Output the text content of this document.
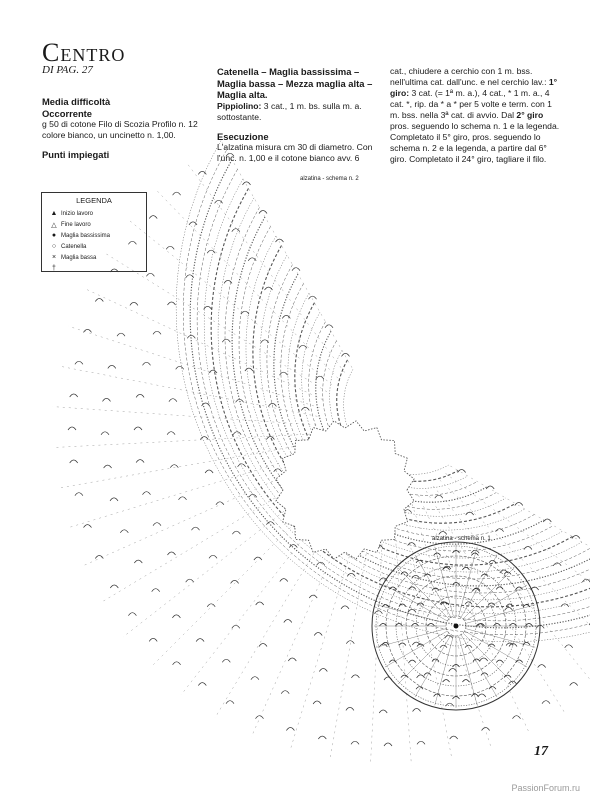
Centro
DI PAG. 27
Media difficoltà
Occorrente

g 50 di cotone Filo di Scozia Profilo n. 12 colore bianco, un uncinetto n. 1,00.

Punti impiegati
Catenella – Maglia bassissima – Maglia bassa – Mezza maglia alta – Maglia alta.

Pippiolino: 3 cat., 1 m. bs. sulla m. a. sottostante.

Esecuzione

L'alzatina misura cm 30 di diametro. Con l'unc. n. 1,00 e il cotone bianco avv. 6

cat., chiudere a cerchio con 1 m. bss. nell'ultima cat. dall'unc. e nel cerchio lav.: 1° giro: 3 cat. (= 1ª m. a.), 4 cat., * 1 m. a., 4 cat. *, rip. da * a * per 5 volte e term. con 1 m. bss. nella 3ª cat. di avvio. Dal 2° giro pros. seguendo lo schema n. 1 e la legenda. Completato il 5° giro, pros. seguendo lo schema n. 2 e la legenda, a partire dal 6° giro. Completato il 24° giro, tagliare il filo.

LEGENDA
▲ Inizio lavoro
△ Fine lavoro
● Maglia bassissima
○ Catenella
× Maglia bassa
†
alzatina - schema n. 2
alzatina - schema n. 1
17
PassionForum.ru
